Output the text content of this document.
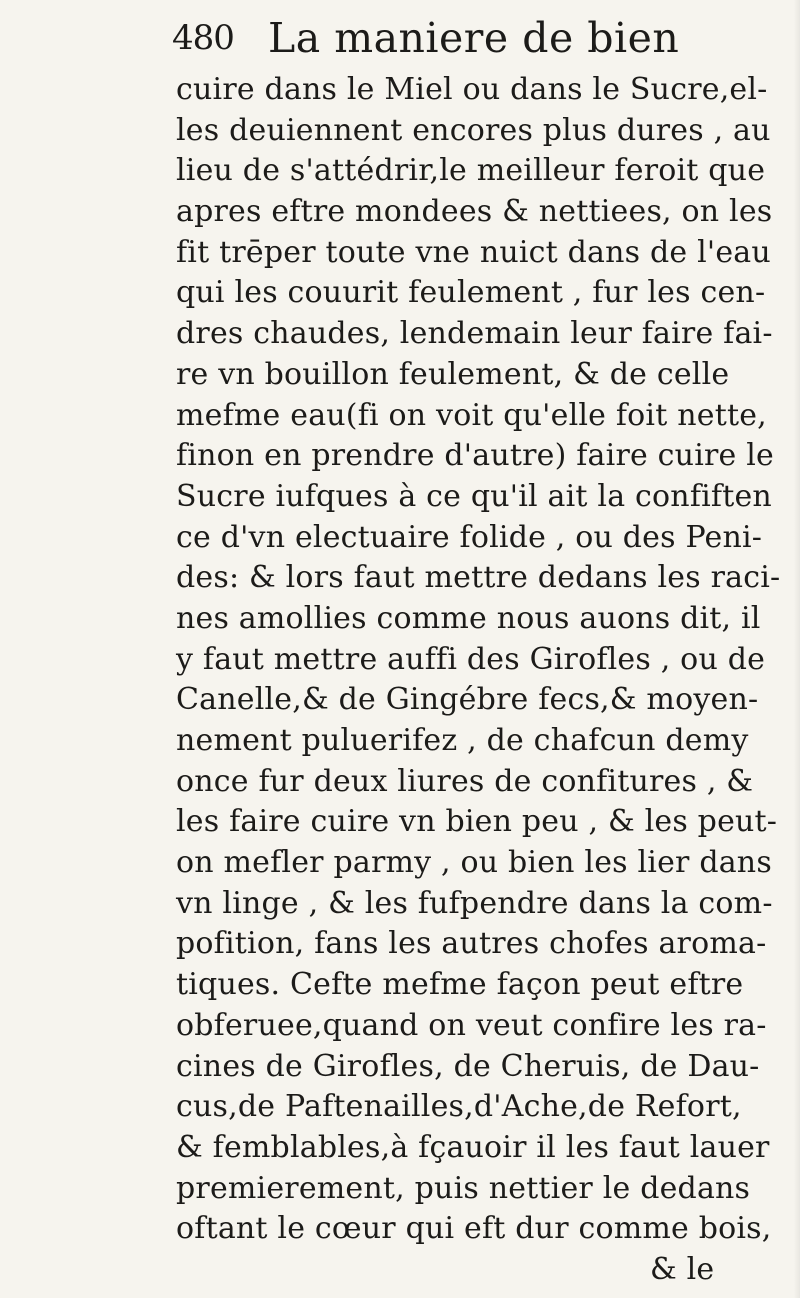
480 La maniere de bien
cuire dans le Miel ou dans le Sucre,el-
les deuiennent encores plus dures , au
lieu de s'attédrir,le meilleur feroit que
apres eftre mondees & nettiees, on les
fit trēper toute vne nuict dans de l'eau
qui les couurit feulement , fur les cen-
dres chaudes, lendemain leur faire fai-
re vn bouillon feulement, & de celle
mefme eau(fi on voit qu'elle foit nette,
finon en prendre d'autre) faire cuire le
Sucre iufques à ce qu'il ait la confiften
ce d'vn electuaire folide , ou des Peni-
des: & lors faut mettre dedans les raci-
nes amollies comme nous auons dit, il
y faut mettre auffi des Girofles , ou de
Canelle,& de Gingébre fecs,& moyen-
nement puluerifez , de chafcun demy
once fur deux liures de confitures , &
les faire cuire vn bien peu , & les peut-
on mefler parmy , ou bien les lier dans
vn linge , & les fufpendre dans la com-
pofition, fans les autres chofes aroma-
tiques. Cefte mefme façon peut eftre
obferuee,quand on veut confire les ra-
cines de Girofles, de Cheruis, de Dau-
cus,de Paftenailles,d'Ache,de Refort,
& femblables,à fçauoir il les faut lauer
premierement, puis nettier le dedans
oftant le cœur qui eft dur comme bois,
& le
